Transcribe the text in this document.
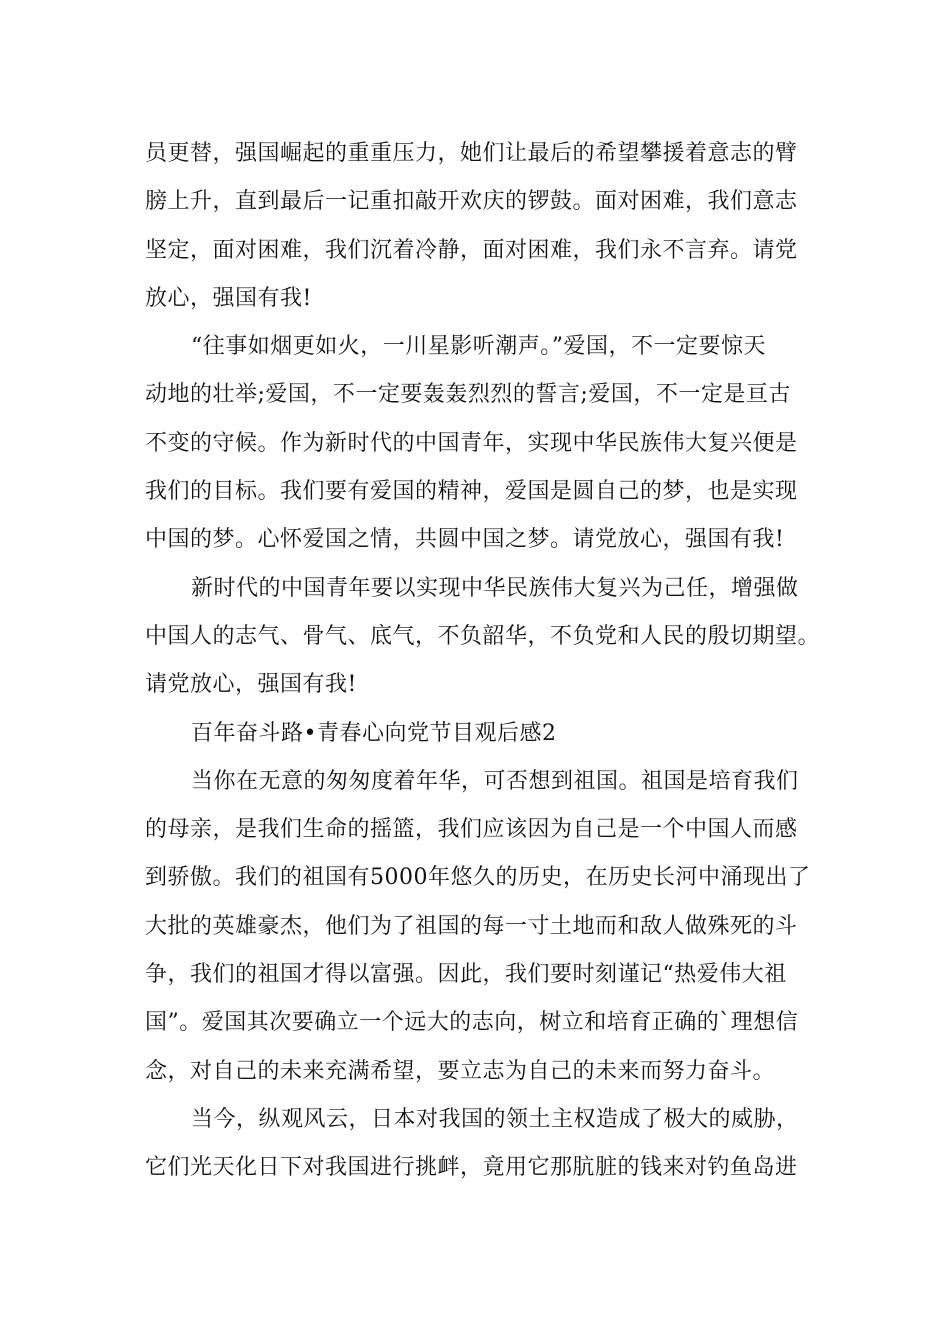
员更替，强国崛起的重重压力，她们让最后的希望攀援着意志的臂
膀上升，直到最后一记重扣敲开欢庆的锣鼓。面对困难，我们意志
坚定，面对困难，我们沉着冷静，面对困难，我们永不言弃。请党
放心，强国有我!
“往事如烟更如火，一川星影听潮声。”爱国，不一定要惊天
动地的壮举;爱国，不一定要轰轰烈烈的誓言;爱国，不一定是亘古
不变的守候。作为新时代的中国青年，实现中华民族伟大复兴便是
我们的目标。我们要有爱国的精神，爱国是圆自己的梦，也是实现
中国的梦。心怀爱国之情，共圆中国之梦。请党放心，强国有我!
新时代的中国青年要以实现中华民族伟大复兴为己任，增强做
中国人的志气、骨气、底气，不负韶华，不负党和人民的殷切期望。
请党放心，强国有我!
百年奋斗路•青春心向党节目观后感2
当你在无意的匆匆度着年华，可否想到祖国。祖国是培育我们
的母亲，是我们生命的摇篮，我们应该因为自己是一个中国人而感
到骄傲。我们的祖国有5000年悠久的历史，在历史长河中涌现出了
大批的英雄豪杰，他们为了祖国的每一寸土地而和敌人做殊死的斗
争，我们的祖国才得以富强。因此，我们要时刻谨记“热爱伟大祖
国”。爱国其次要确立一个远大的志向，树立和培育正确的`理想信
念，对自己的未来充满希望，要立志为自己的未来而努力奋斗。
当今，纵观风云，日本对我国的领土主权造成了极大的威胁，
它们光天化日下对我国进行挑衅，竟用它那肮脏的钱来对钓鱼岛进
